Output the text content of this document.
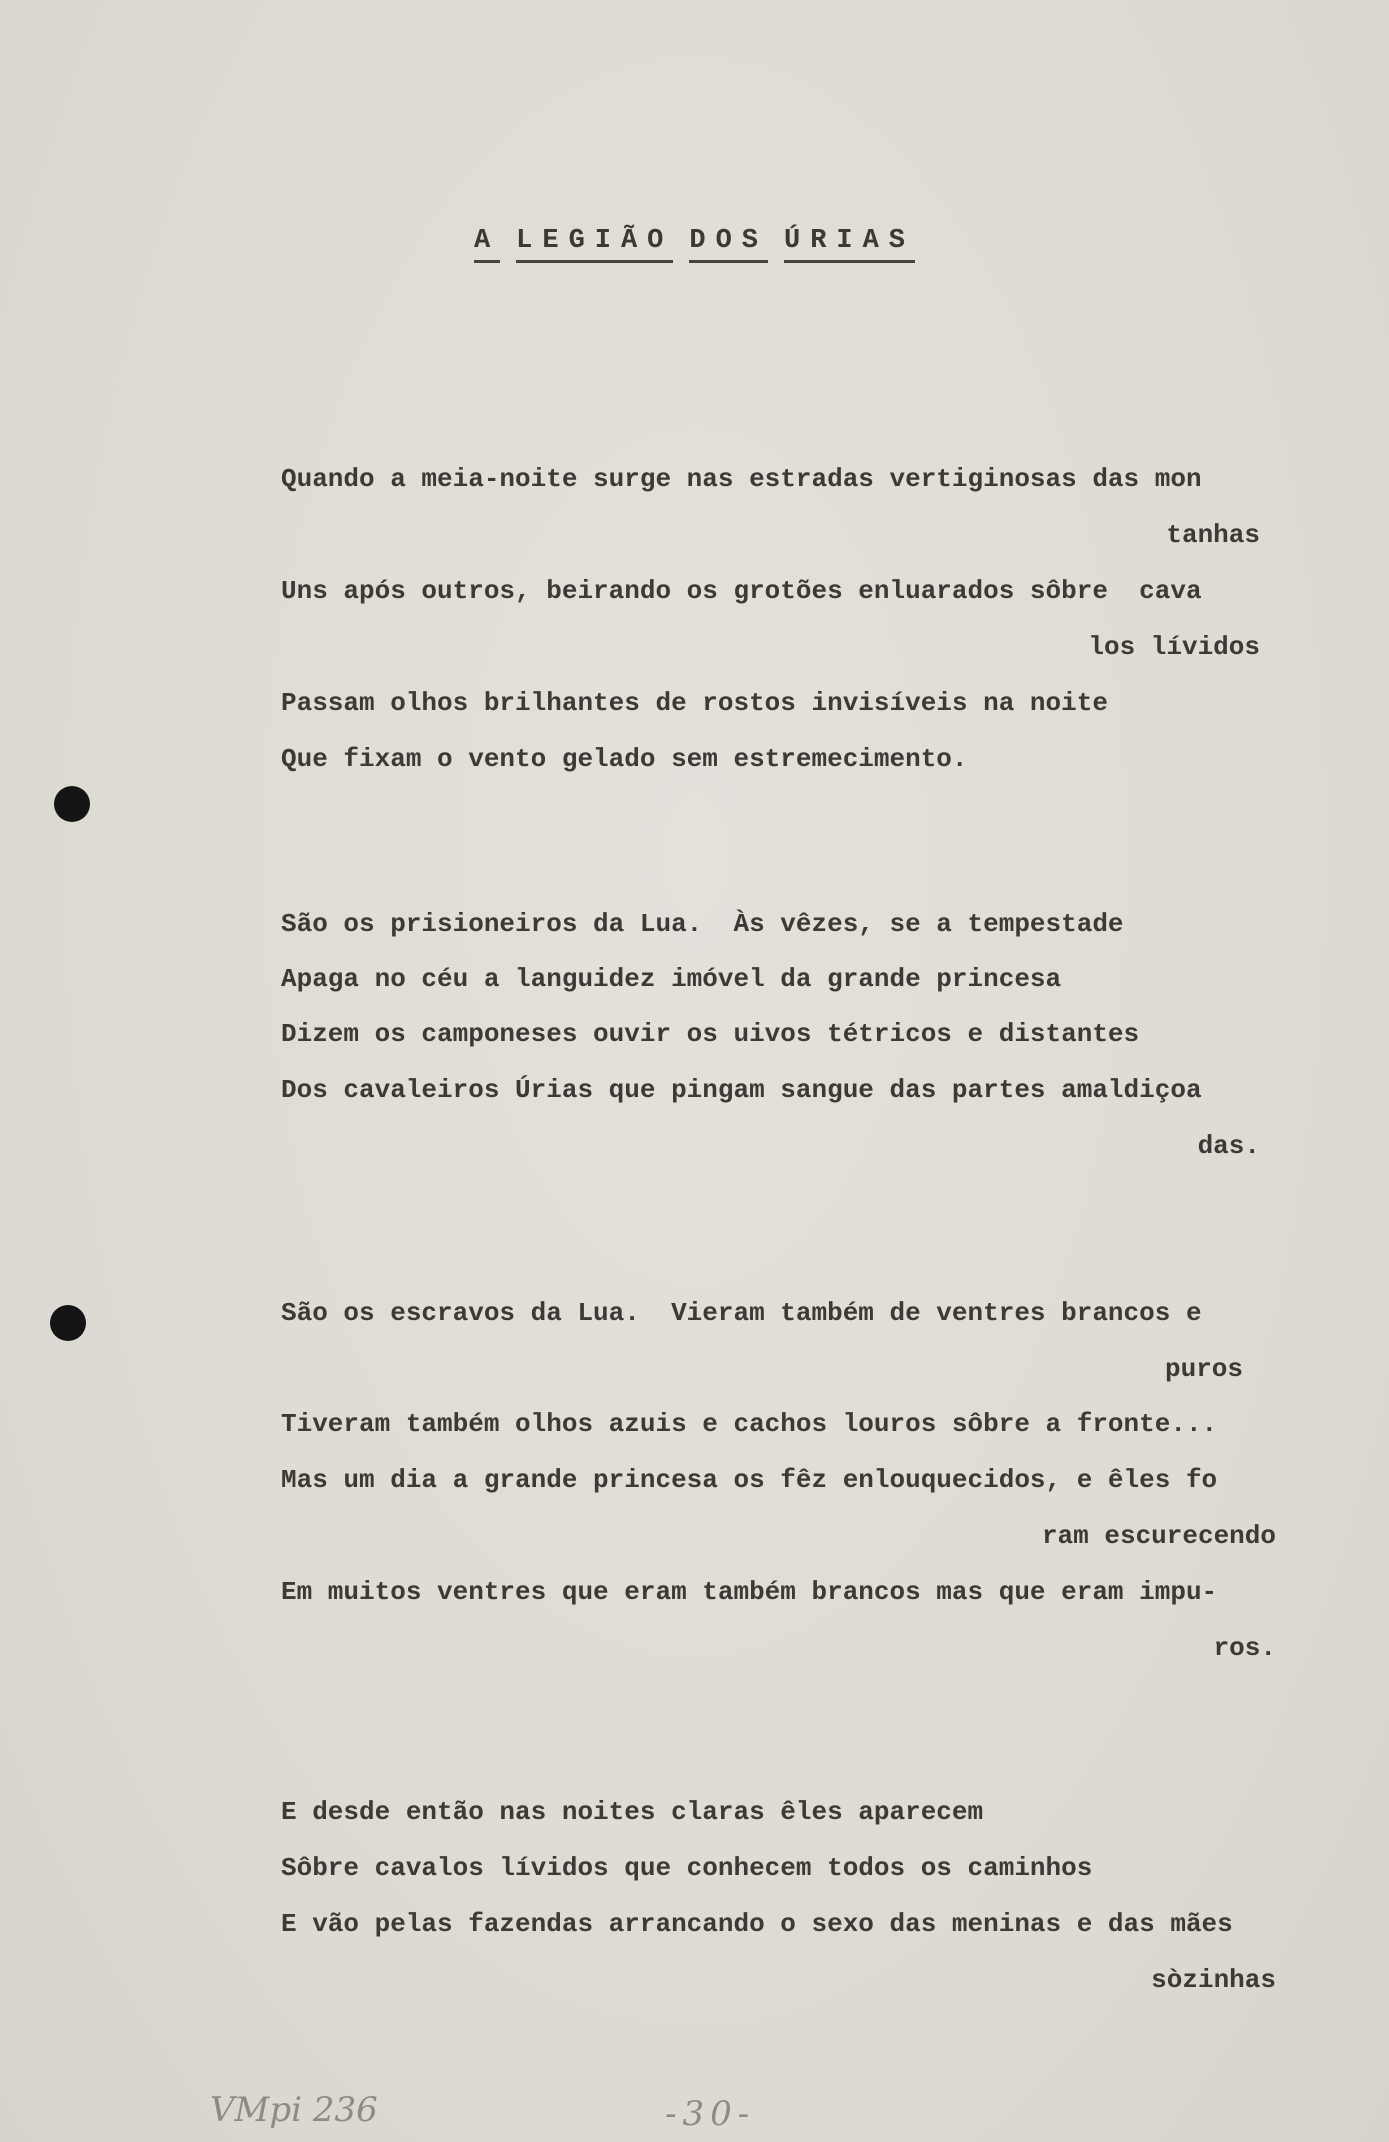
A LEGIÃO DOS ÚRIAS
Quando a meia-noite surge nas estradas vertiginosas das mon
tanhas
Uns após outros, beirando os grotões enluarados sôbre  cava
los lívidos
Passam olhos brilhantes de rostos invisíveis na noite
Que fixam o vento gelado sem estremecimento.
São os prisioneiros da Lua.  Às vêzes, se a tempestade
Apaga no céu a languidez imóvel da grande princesa
Dizem os camponeses ouvir os uivos tétricos e distantes
Dos cavaleiros Úrias que pingam sangue das partes amaldiçoa
das.
São os escravos da Lua.  Vieram também de ventres brancos e
puros
Tiveram também olhos azuis e cachos louros sôbre a fronte...
Mas um dia a grande princesa os fêz enlouquecidos, e êles fo
ram escurecendo
Em muitos ventres que eram também brancos mas que eram impu-
ros.
E desde então nas noites claras êles aparecem
Sôbre cavalos lívidos que conhecem todos os caminhos
E vão pelas fazendas arrancando o sexo das meninas e das mães
sòzinhas
VMpi 236	-30-
